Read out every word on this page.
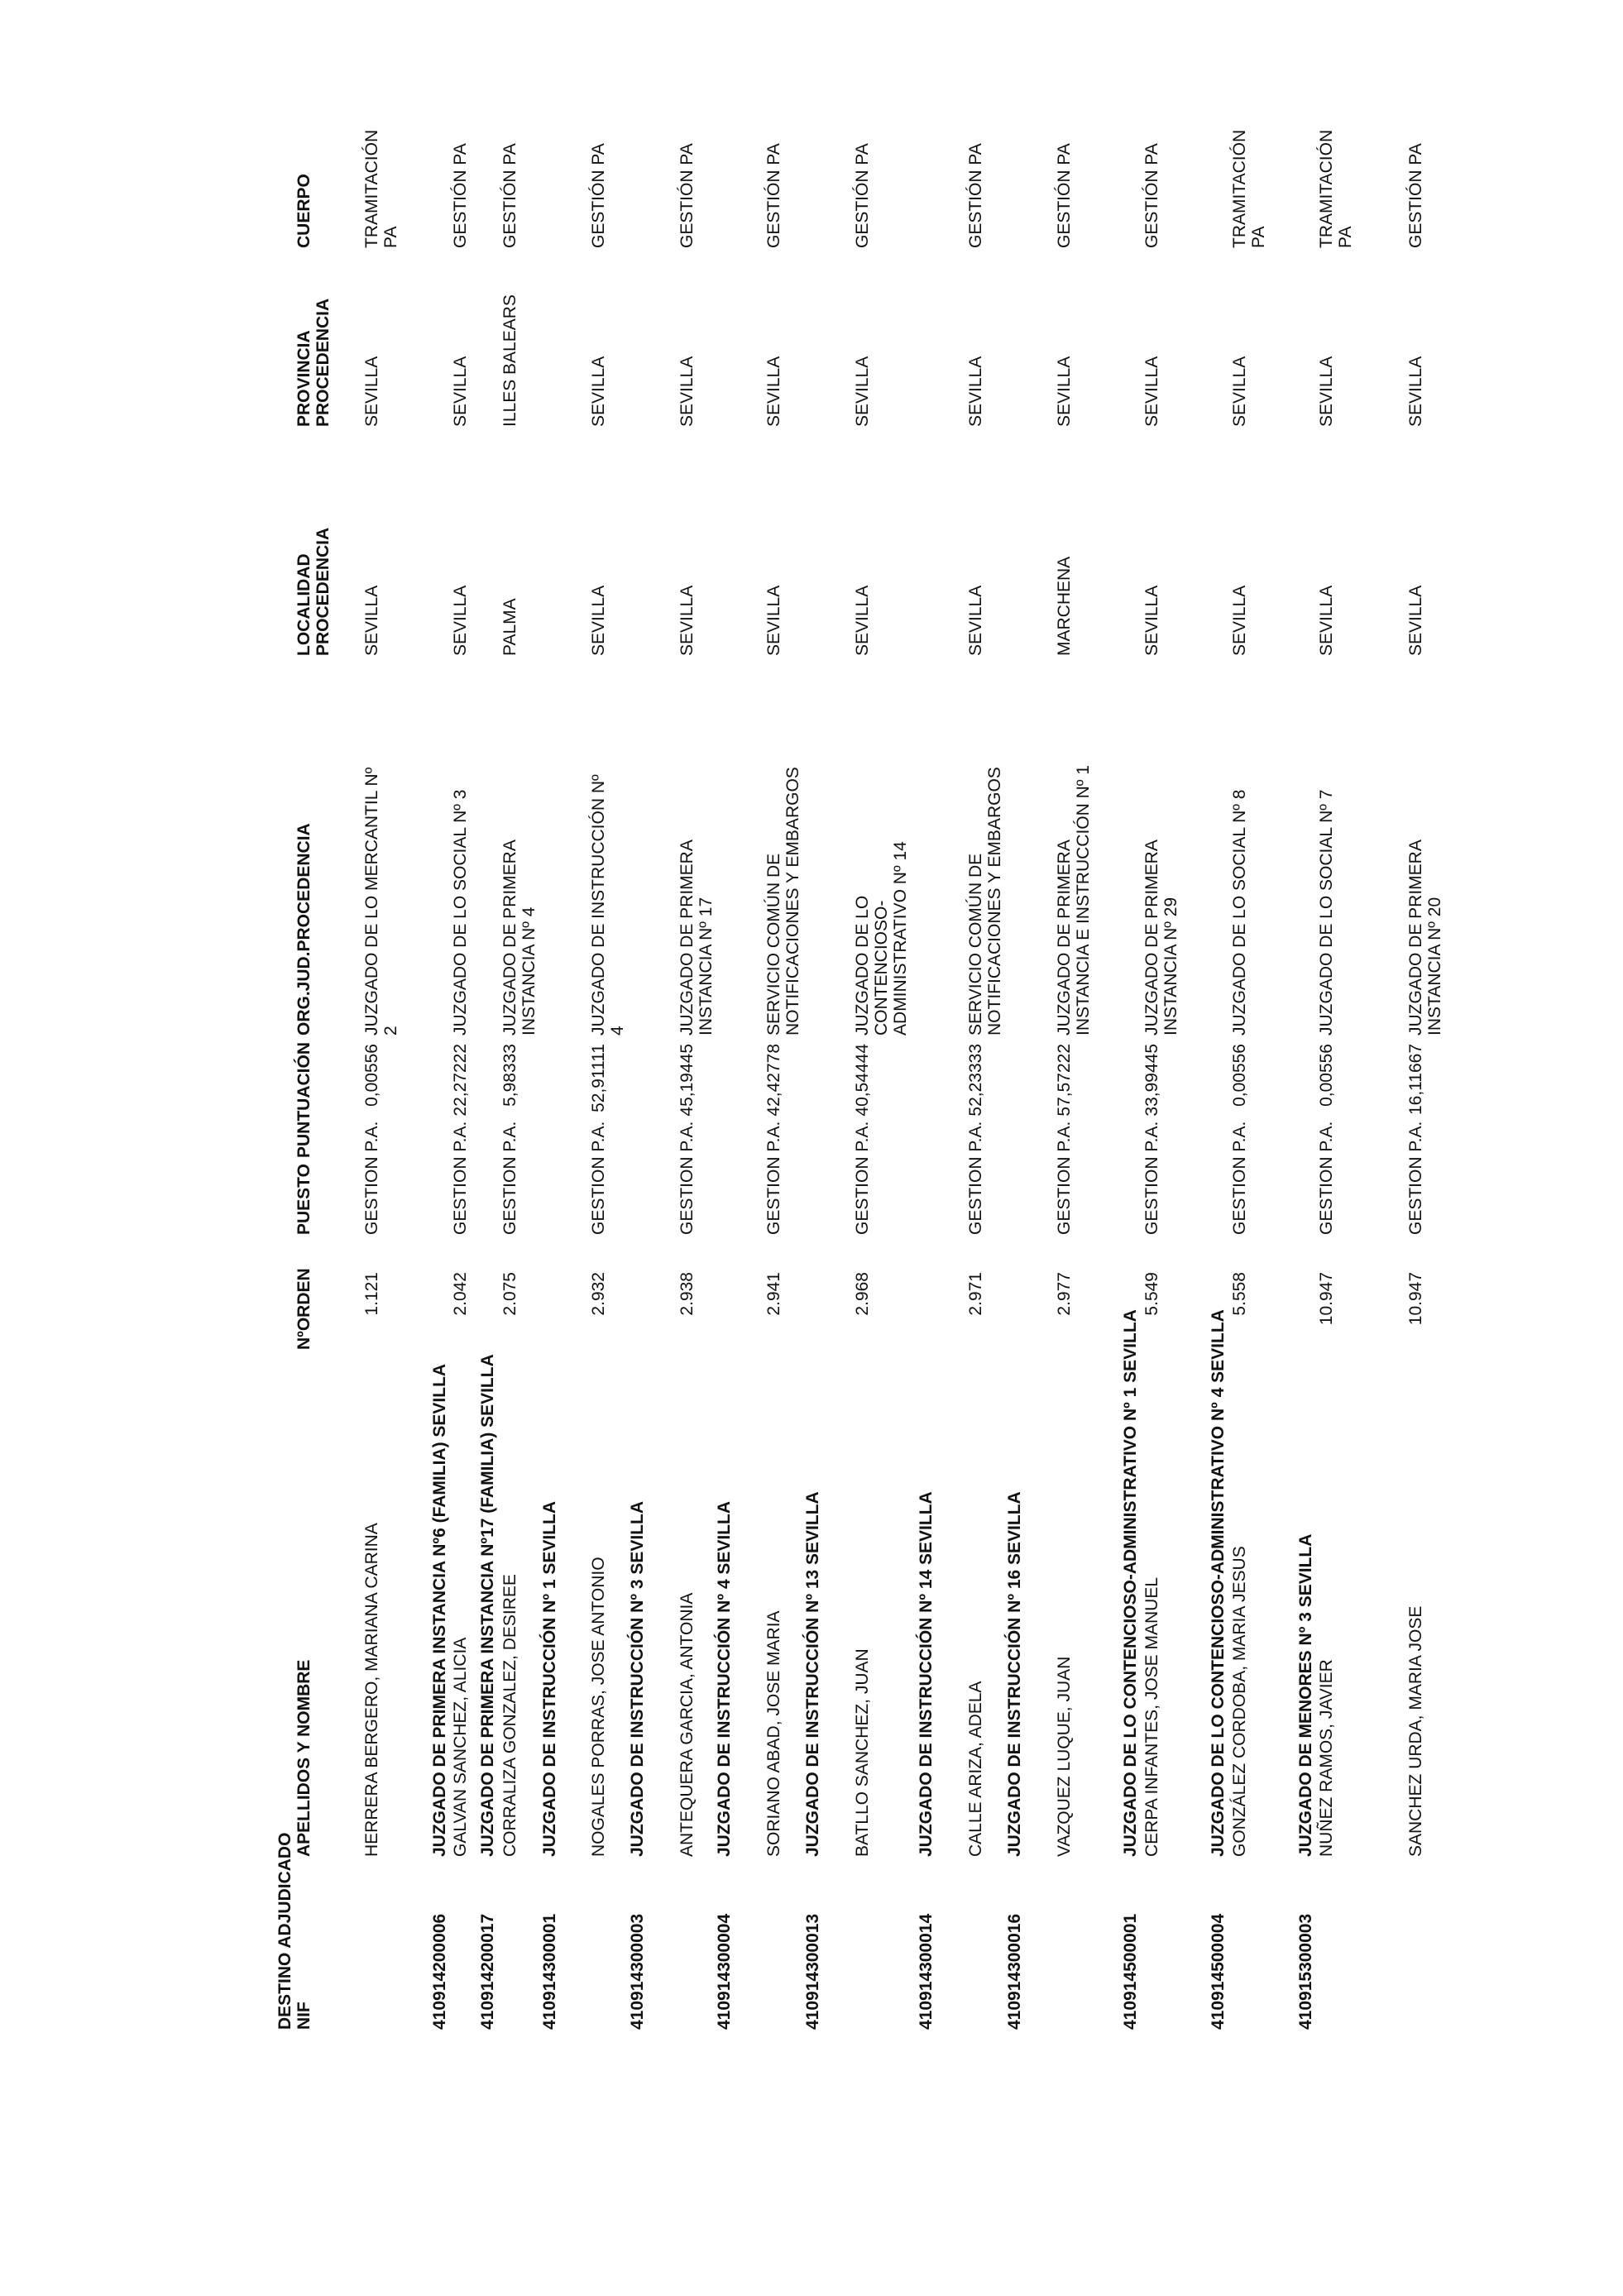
DESTINO ADJUDICADO NIF
APELLIDOS Y NOMBRE
NºORDEN
PUESTO
PUNTUACIÓN
ORG.JUD.PROCEDENCIA
LOCALIDAD
PROCEDENCIA
PROVINCIA
PROCEDENCIA
CUERPO
HERRERA BERGERO, MARIANA CARINA
1.121
GESTION P.A.
0,00556
JUZGADO DE LO MERCANTIL Nº
2
SEVILLA
SEVILLA
TRAMITACIÓN
PA
410914200006
JUZGADO DE PRIMERA INSTANCIA Nº6 (FAMILIA) SEVILLA GALVAN SANCHEZ, ALICIA
2.042
GESTION P.A.
22,27222
JUZGADO DE LO SOCIAL Nº 3
SEVILLA
SEVILLA
GESTIÓN PA
410914200017
JUZGADO DE PRIMERA INSTANCIA Nº17 (FAMILIA) SEVILLA CORRALIZA GONZALEZ, DESIREE
2.075
GESTION P.A.
5,98333
JUZGADO DE PRIMERA
INSTANCIA Nº 4
PALMA
ILLES BALEARS
GESTIÓN PA
410914300001
JUZGADO DE INSTRUCCIÓN Nº 1 SEVILLA NOGALES PORRAS, JOSE ANTONIO
2.932
GESTION P.A.
52,91111
JUZGADO DE INSTRUCCIÓN Nº
4
SEVILLA
SEVILLA
GESTIÓN PA
410914300003
JUZGADO DE INSTRUCCIÓN Nº 3 SEVILLA ANTEQUERA GARCIA, ANTONIA
2.938
GESTION P.A.
45,19445
JUZGADO DE PRIMERA
INSTANCIA Nº 17
SEVILLA
SEVILLA
GESTIÓN PA
410914300004
JUZGADO DE INSTRUCCIÓN Nº 4 SEVILLA SORIANO ABAD, JOSE MARIA
2.941
GESTION P.A.
42,42778
SERVICIO COMÚN DE
NOTIFICACIONES Y EMBARGOS
SEVILLA
SEVILLA
GESTIÓN PA
410914300013
JUZGADO DE INSTRUCCIÓN Nº 13 SEVILLA BATLLO SANCHEZ, JUAN
2.968
GESTION P.A.
40,54444
JUZGADO DE LO
CONTENCIOSO-
ADMINISTRATIVO Nº 14
SEVILLA
SEVILLA
GESTIÓN PA
410914300014
JUZGADO DE INSTRUCCIÓN Nº 14 SEVILLA CALLE ARIZA, ADELA
2.971
GESTION P.A.
52,23333
SERVICIO COMÚN DE
NOTIFICACIONES Y EMBARGOS
SEVILLA
SEVILLA
GESTIÓN PA
410914300016
JUZGADO DE INSTRUCCIÓN Nº 16 SEVILLA VAZQUEZ LUQUE, JUAN
2.977
GESTION P.A.
57,57222
JUZGADO DE PRIMERA
INSTANCIA E INSTRUCCIÓN Nº 1
MARCHENA
SEVILLA
GESTIÓN PA
410914500001
JUZGADO DE LO CONTENCIOSO-ADMINISTRATIVO Nº 1 SEVILLA CERPA INFANTES, JOSE MANUEL
5.549
GESTION P.A.
33,99445
JUZGADO DE PRIMERA
INSTANCIA Nº 29
SEVILLA
SEVILLA
GESTIÓN PA
410914500004
JUZGADO DE LO CONTENCIOSO-ADMINISTRATIVO Nº 4 SEVILLA GONZÁLEZ CORDOBA, MARIA JESUS
5.558
GESTION P.A.
0,00556
JUZGADO DE LO SOCIAL Nº 8
SEVILLA
SEVILLA
TRAMITACIÓN
PA
410915300003
JUZGADO DE MENORES Nº 3 SEVILLA NUÑEZ RAMOS, JAVIER
10.947
GESTION P.A.
0,00556
JUZGADO DE LO SOCIAL Nº 7
SEVILLA
SEVILLA
TRAMITACIÓN
PA
SANCHEZ URDA, MARIA JOSE
10.947
GESTION P.A.
16,11667
JUZGADO DE PRIMERA
INSTANCIA Nº 20
SEVILLA
SEVILLA
GESTIÓN PA
